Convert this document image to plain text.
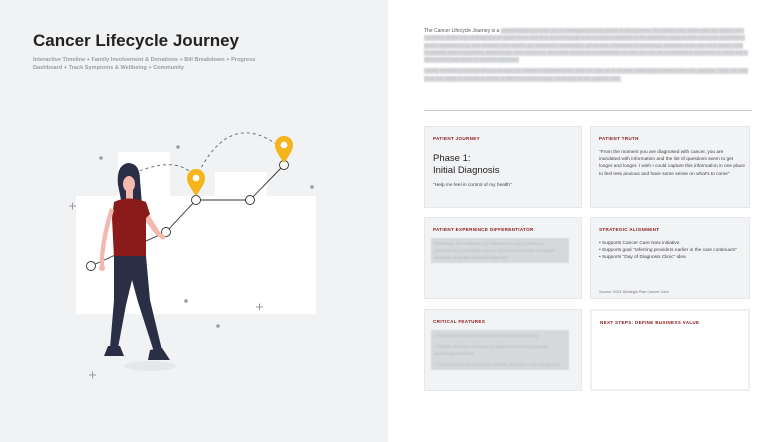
Cancer Lifecycle Journey
Interactive Timeline + Family Involvement & Donations + Bill Breakdown + Progress Dashboard + Track Symptoms & Wellbeing + Community

The Cancer Lifecycle Journey is a personalized tool that can be leveraged at any phase of the journey. The doctor can share with the patient and caretaker at the day of diagnosis to guide them and their loves through a personalized timeline of the potential steps to help everyone understand what's expected (e.g. see primary care doctor, get referred to oncologist, get biopsy, determine if cancerous, potential tests, see next steps, read frequently asked questions, general tips and resources, and have access to a community so that you can be connected to survivors or reach out to others that have been in a similar situation.

Family members and friends can access the payment protected link and can sign up to receive notifications when there are updates. They will also have the ability to donate to either to MFP research teams, or directly to the patients bills.

PATIENT JOURNEY
Phase 1:
Initial Diagnosis
"Help me feel in control of my health"
PATIENT TRUTH
"From the moment you are diagnosed with cancer, you are inundated with information and the list of questions seem to get longer and longer. I wish I could capture this information in one place to feel less anxious and have some sense on what's to come"
PATIENT EXPERIENCE DIFFERENTIATOR
Roadmap that outlines key milestones and provides a centralized, trustworthy source of information and a support network, all at the patient's fingertips
STRATEGIC ALIGNMENT
• Supports Cancer Care Now initiative
• Supports goal "referring providers earlier in the care continuum"
• Supports "Day of Diagnosis Clinic" idea
Source: 2021 Strategic Plan Cancer Care
CRITICAL FEATURES
• Interactive map of key steps in the patient journey
• Holistic resource focused on patient well-being beyond traditional medicine
• Central portal accessed by patient, providers and caregivers
NEXT STEPS: DEFINE BUSINESS VALUE
